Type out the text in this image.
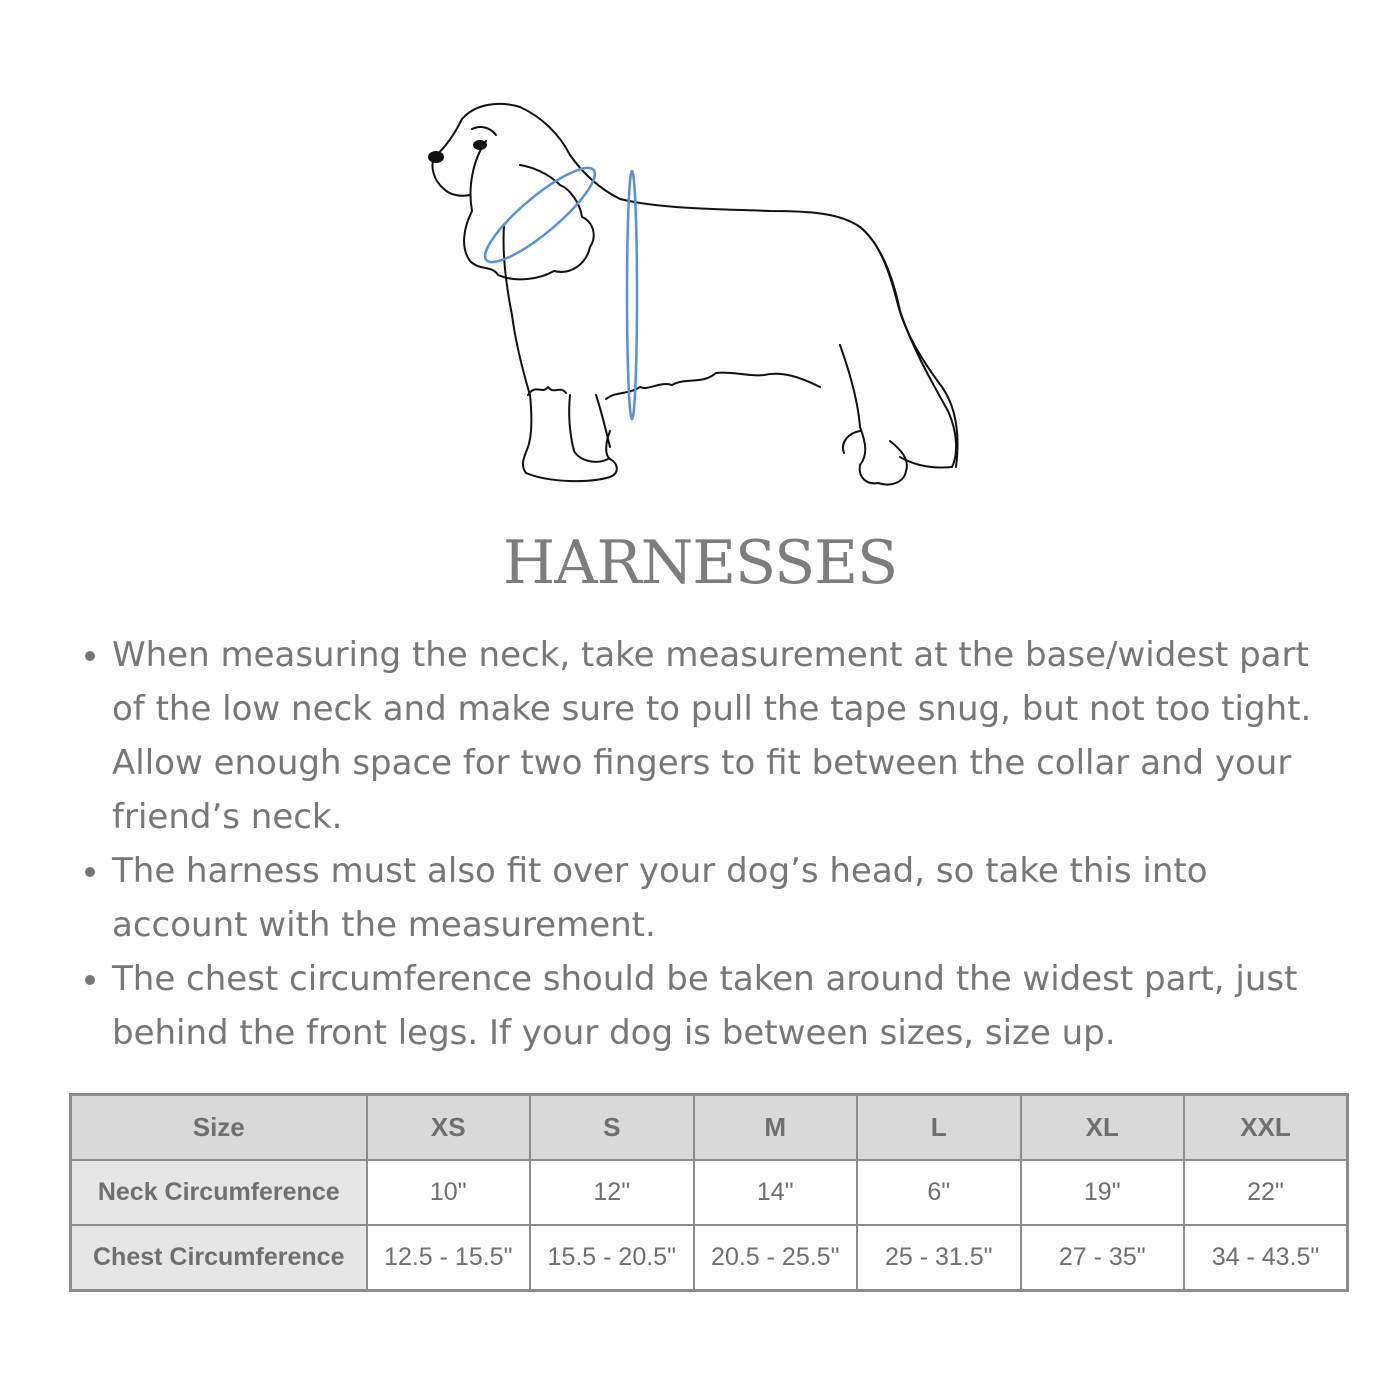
HARNESSES
When measuring the neck, take measurement at the base/widest part of the low neck and make sure to pull the tape snug, but not too tight. Allow enough space for two fingers to fit between the collar and your friend’s neck.
The harness must also fit over your dog’s head, so take this into account with the measurement.
The chest circumference should be taken around the widest part, just behind the front legs. If your dog is between sizes, size up.
Size	XS	S	M	L	XL	XXL
Neck Circumference	10"	12"	14"	6"	19"	22"
Chest Circumference	12.5 - 15.5"	15.5 - 20.5"	20.5 - 25.5"	25 - 31.5"	27 - 35"	34 - 43.5"
